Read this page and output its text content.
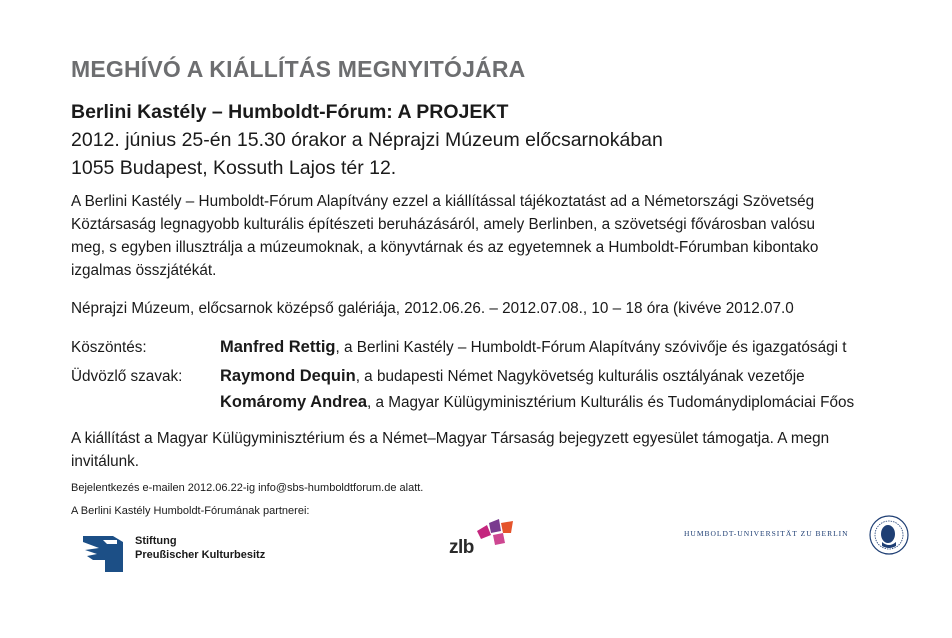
MEGHÍVÓ A KIÁLLÍTÁS MEGNYITÓJÁRA
Berlini Kastély – Humboldt-Fórum: A PROJEKT
2012. június 25-én 15.30 órakor a Néprajzi Múzeum előcsarnokában
1055 Budapest, Kossuth Lajos tér 12.
A Berlini Kastély – Humboldt-Fórum Alapítvány ezzel a kiállítással tájékoztatást ad a Németországi Szövetség
Köztársaság legnagyobb kulturális építészeti beruházásáról, amely Berlinben, a szövetségi fővárosban valósu
meg, s egyben illusztrálja a múzeumoknak, a könyvtárnak és az egyetemnek a Humboldt-Fórumban kibontako
izgalmas összjátékát.
Néprajzi Múzeum, előcsarnok középső galériája, 2012.06.26. – 2012.07.08., 10 – 18 óra (kivéve 2012.07.0
Köszöntés:	Manfred Rettig, a Berlini Kastély – Humboldt-Fórum Alapítvány szóvivője és igazgatósági t
Üdvözlő szavak: Raymond Dequin, a budapesti Német Nagykövetség kulturális osztályának vezetője
Komáromy Andrea, a Magyar Külügyminisztérium Kulturális és Tudománydiplomáciai Főos
A kiállítást a Magyar Külügyminisztérium és a Német–Magyar Társaság bejegyzett egyesület támogatja. A megn
invitálunk.
Bejelentkezés e-mailen 2012.06.22-ig info@sbs-humboldtforum.de alatt.
A Berlini Kastély Humboldt-Fórumának partnerei:
Stiftung
Preußischer Kulturbesitz	zlb
HUMBOLDT-UNIVERSITÄT ZU BERLIN
